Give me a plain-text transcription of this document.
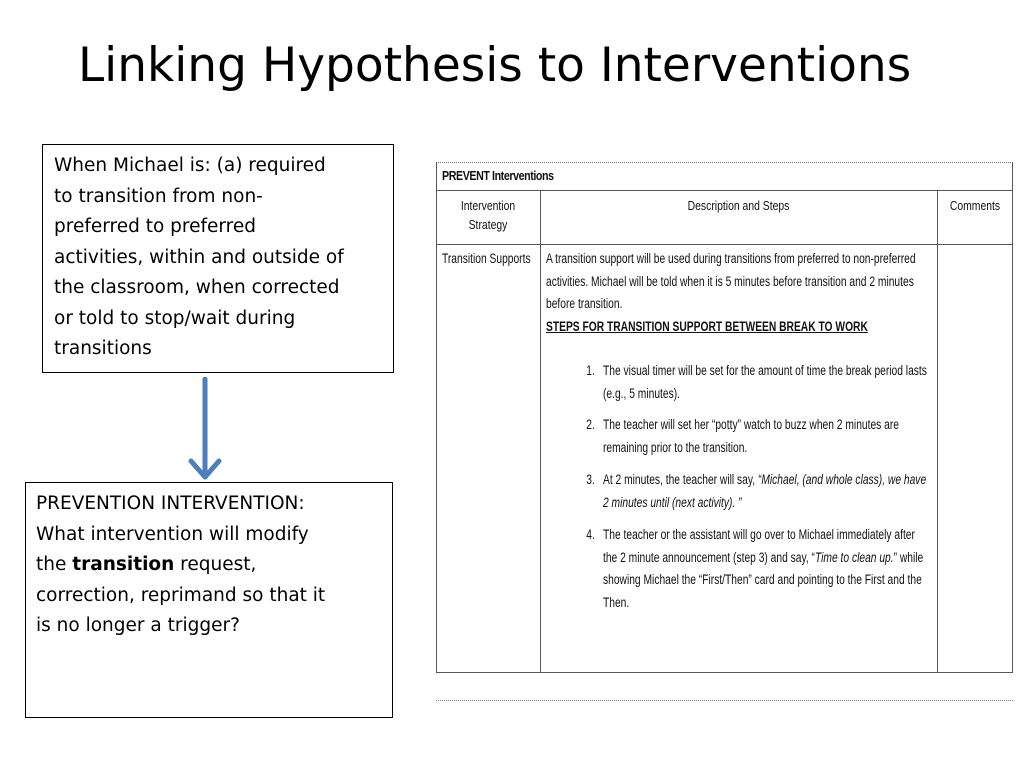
Linking Hypothesis to Interventions
When Michael is: (a) required
to transition from non-
preferred to preferred
activities, within and outside of
the classroom, when corrected
or told to stop/wait during
transitions
PREVENTION INTERVENTION:
What intervention will modify
the transition request,
correction, reprimand so that it
is no longer a trigger?
PREVENT Interventions
Intervention
Strategy
Description and Steps	Comments
Transition Supports A transition support will be used during transitions from preferred to non-preferred
activities. Michael will be told when it is 5 minutes before transition and 2 minutes
before transition.
STEPS FOR TRANSITION SUPPORT BETWEEN BREAK TO WORK
1. The visual timer will be set for the amount of time the break period lasts
(e.g., 5 minutes).
2. The teacher will set her “potty” watch to buzz when 2 minutes are
remaining prior to the transition.
3. At 2 minutes, the teacher will say, “Michael, (and whole class), we have
2 minutes until (next activity). ”
4. The teacher or the assistant will go over to Michael immediately after
the 2 minute announcement (step 3) and say, “Time to clean up.” while
showing Michael the “First/Then” card and pointing to the First and the
Then.
